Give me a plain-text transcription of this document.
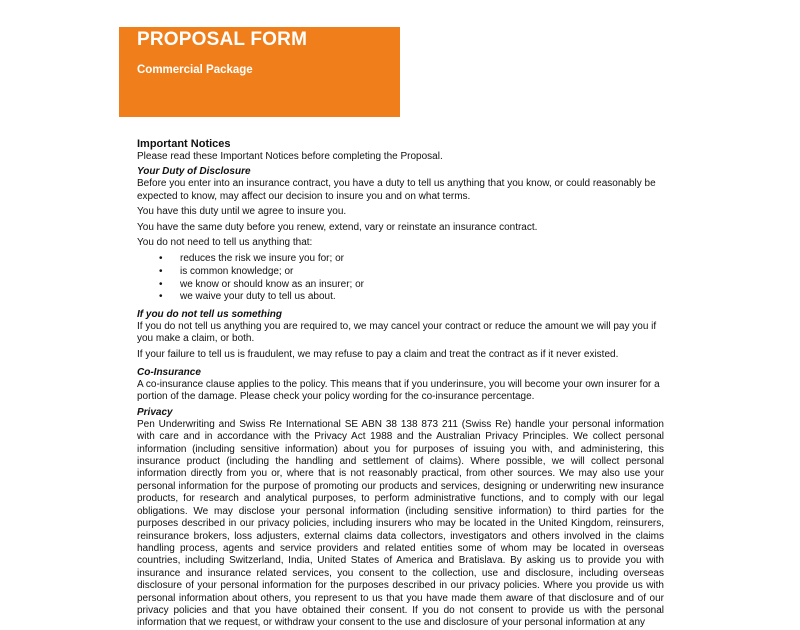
PROPOSAL FORM
Commercial Package
Important Notices

Please read these Important Notices before completing the Proposal.

Your Duty of Disclosure

Before you enter into an insurance contract, you have a duty to tell us anything that you know, or could reasonably be expected to know, may affect our decision to insure you and on what terms.

You have this duty until we agree to insure you.

You have the same duty before you renew, extend, vary or reinstate an insurance contract.

You do not need to tell us anything that:

• reduces the risk we insure you for; or
• is common knowledge; or
• we know or should know as an insurer; or
• we waive your duty to tell us about.
If you do not tell us something

If you do not tell us anything you are required to, we may cancel your contract or reduce the amount we will pay you if you make a claim, or both.

If your failure to tell us is fraudulent, we may refuse to pay a claim and treat the contract as if it never existed.

Co-Insurance

A co-insurance clause applies to the policy. This means that if you underinsure, you will become your own insurer for a portion of the damage. Please check your policy wording for the co-insurance percentage.

Privacy

Pen Underwriting and Swiss Re International SE ABN 38 138 873 211 (Swiss Re) handle your personal information with care and in accordance with the Privacy Act 1988 and the Australian Privacy Principles. We collect personal information (including sensitive information) about you for purposes of issuing you with, and administering, this insurance product (including the handling and settlement of claims). Where possible, we will collect personal information directly from you or, where that is not reasonably practical, from other sources. We may also use your personal information for the purpose of promoting our products and services, designing or underwriting new insurance products, for research and analytical purposes, to perform administrative functions, and to comply with our legal obligations. We may disclose your personal information (including sensitive information) to third parties for the purposes described in our privacy policies, including insurers who may be located in the United Kingdom, reinsurers, reinsurance brokers, loss adjusters, external claims data collectors, investigators and others involved in the claims handling process, agents and service providers and related entities some of whom may be located in overseas countries, including Switzerland, India, United States of America and Bratislava. By asking us to provide you with insurance and insurance related services, you consent to the collection, use and disclosure, including overseas disclosure of your personal information for the purposes described in our privacy policies. Where you provide us with personal information about others, you represent to us that you have made them aware of that disclosure and of our privacy policies and that you have obtained their consent. If you do not consent to provide us with the personal information that we request, or withdraw your consent to the use and disclosure of your personal information at any
